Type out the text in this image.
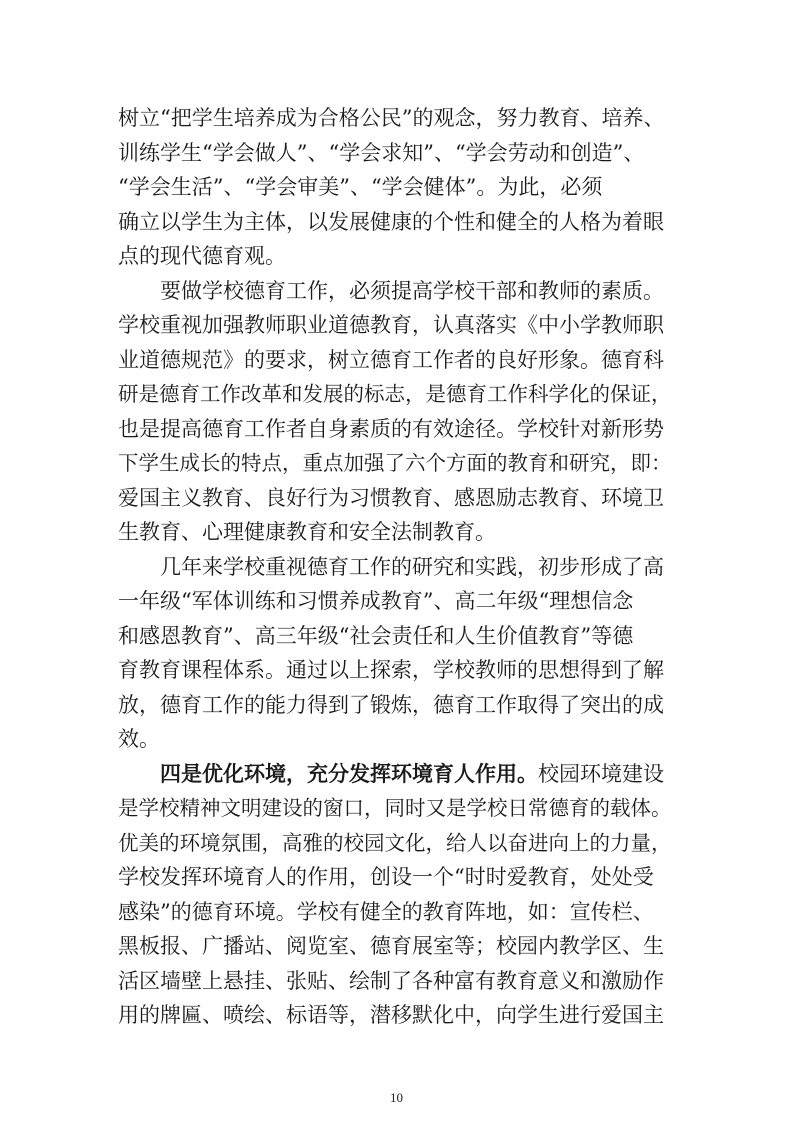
树立“把学生培养成为合格公民”的观念，努力教育、培养、
训练学生“学会做人”、“学会求知”、“学会劳动和创造”、
“学会生活”、“学会审美”、“学会健体”。为此，必须
确立以学生为主体，以发展健康的个性和健全的人格为着眼
点的现代德育观。
要做学校德育工作，必须提高学校干部和教师的素质。
学校重视加强教师职业道德教育，认真落实《中小学教师职
业道德规范》的要求，树立德育工作者的良好形象。德育科
研是德育工作改革和发展的标志，是德育工作科学化的保证，
也是提高德育工作者自身素质的有效途径。学校针对新形势
下学生成长的特点，重点加强了六个方面的教育和研究，即：
爱国主义教育、良好行为习惯教育、感恩励志教育、环境卫
生教育、心理健康教育和安全法制教育。
几年来学校重视德育工作的研究和实践，初步形成了高
一年级“军体训练和习惯养成教育”、高二年级“理想信念
和感恩教育”、高三年级“社会责任和人生价值教育”等德
育教育课程体系。通过以上探索，学校教师的思想得到了解
放，德育工作的能力得到了锻炼，德育工作取得了突出的成
效。
四是优化环境，充分发挥环境育人作用。校园环境建设
是学校精神文明建设的窗口，同时又是学校日常德育的载体。
优美的环境氛围，高雅的校园文化，给人以奋进向上的力量，
学校发挥环境育人的作用，创设一个“时时爱教育，处处受
感染”的德育环境。学校有健全的教育阵地，如：宣传栏、
黑板报、广播站、阅览室、德育展室等；校园内教学区、生
活区墙壁上悬挂、张贴、绘制了各种富有教育意义和激励作
用的牌匾、喷绘、标语等，潜移默化中，向学生进行爱国主
10
